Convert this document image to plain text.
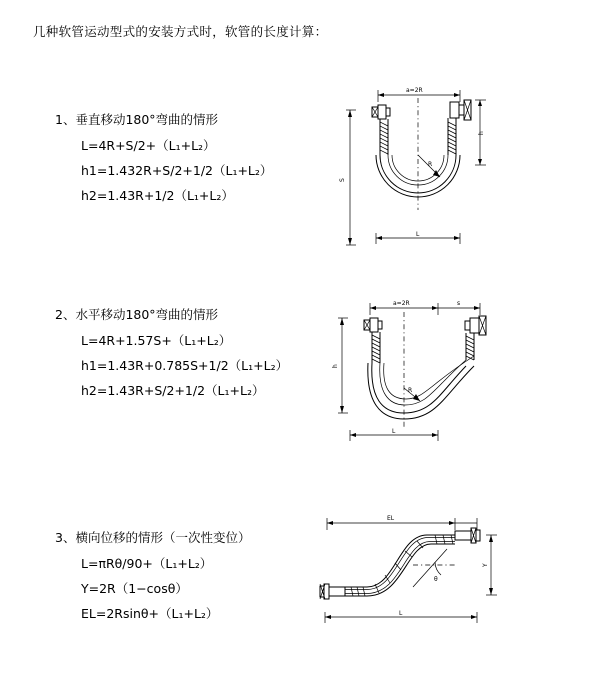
几种软管运动型式的安装方式时，软管的长度计算：
1、垂直移动180°弯曲的情形
L=4R+S/2+（L₁+L₂）
h1=1.432R+S/2+1/2（L₁+L₂）
h2=1.43R+1/2（L₁+L₂）
a=2R
h
S
R
L
2、水平移动180°弯曲的情形
L=4R+1.57S+（L₁+L₂）
h1=1.43R+0.785S+1/2（L₁+L₂）
h2=1.43R+S/2+1/2（L₁+L₂）
a=2R	s
h
R
L
3、横向位移的情形（一次性变位）
L=πRθ/90+（L₁+L₂）
Y=2R（1−cosθ）
EL=2Rsinθ+（L₁+L₂）
EL
Y
θ
L
